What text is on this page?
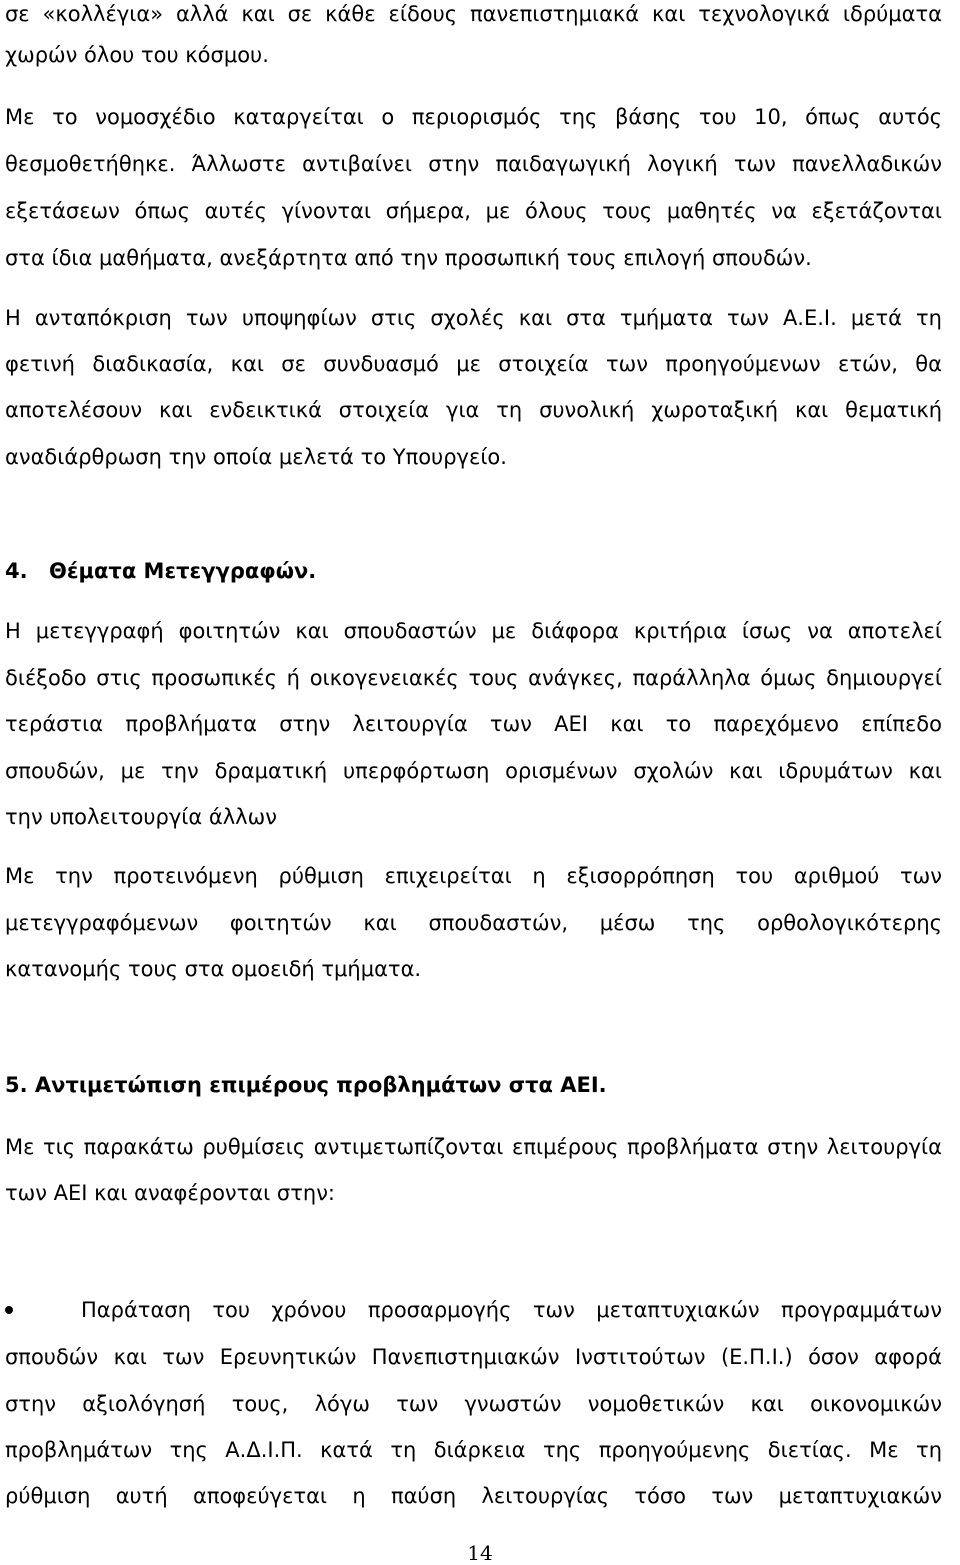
σε «κολλέγια» αλλά και σε κάθε είδους πανεπιστημιακά και τεχνολογικά ιδρύματα
χωρών όλου του κόσμου.
Με το νομοσχέδιο καταργείται ο περιορισμός της βάσης του 10, όπως αυτός
θεσμοθετήθηκε. Άλλωστε αντιβαίνει στην παιδαγωγική λογική των πανελλαδικών
εξετάσεων όπως αυτές γίνονται σήμερα, με όλους τους μαθητές να εξετάζονται
στα ίδια μαθήματα, ανεξάρτητα από την προσωπική τους επιλογή σπουδών.
Η ανταπόκριση των υποψηφίων στις σχολές και στα τμήματα των Α.Ε.Ι. μετά τη
φετινή διαδικασία, και σε συνδυασμό με στοιχεία των προηγούμενων ετών, θα
αποτελέσουν και ενδεικτικά στοιχεία για τη συνολική χωροταξική και θεματική
αναδιάρθρωση την οποία μελετά το Υπουργείο.
4. Θέματα Μετεγγραφών.
Η μετεγγραφή φοιτητών και σπουδαστών με διάφορα κριτήρια ίσως να αποτελεί
διέξοδο στις προσωπικές ή οικογενειακές τους ανάγκες, παράλληλα όμως δημιουργεί
τεράστια προβλήματα στην λειτουργία των ΑΕΙ και το παρεχόμενο επίπεδο
σπουδών, με την δραματική υπερφόρτωση ορισμένων σχολών και ιδρυμάτων και
την υπολειτουργία άλλων
Με την προτεινόμενη ρύθμιση επιχειρείται η εξισορρόπηση του αριθμού των
μετεγγραφόμενων φοιτητών και σπουδαστών, μέσω της ορθολογικότερης
κατανομής τους στα ομοειδή τμήματα.
5. Αντιμετώπιση επιμέρους προβλημάτων στα ΑΕΙ.
Με τις παρακάτω ρυθμίσεις αντιμετωπίζονται επιμέρους προβλήματα στην λειτουργία
των ΑΕΙ και αναφέρονται στην:
Παράταση του χρόνου προσαρμογής των μεταπτυχιακών προγραμμάτων
σπουδών και των Ερευνητικών Πανεπιστημιακών Ινστιτούτων (Ε.Π.Ι.) όσον αφορά
στην αξιολόγησή τους, λόγω των γνωστών νομοθετικών και οικονομικών
προβλημάτων της Α.Δ.Ι.Π. κατά τη διάρκεια της προηγούμενης διετίας. Με τη
ρύθμιση αυτή αποφεύγεται η παύση λειτουργίας τόσο των μεταπτυχιακών
14
